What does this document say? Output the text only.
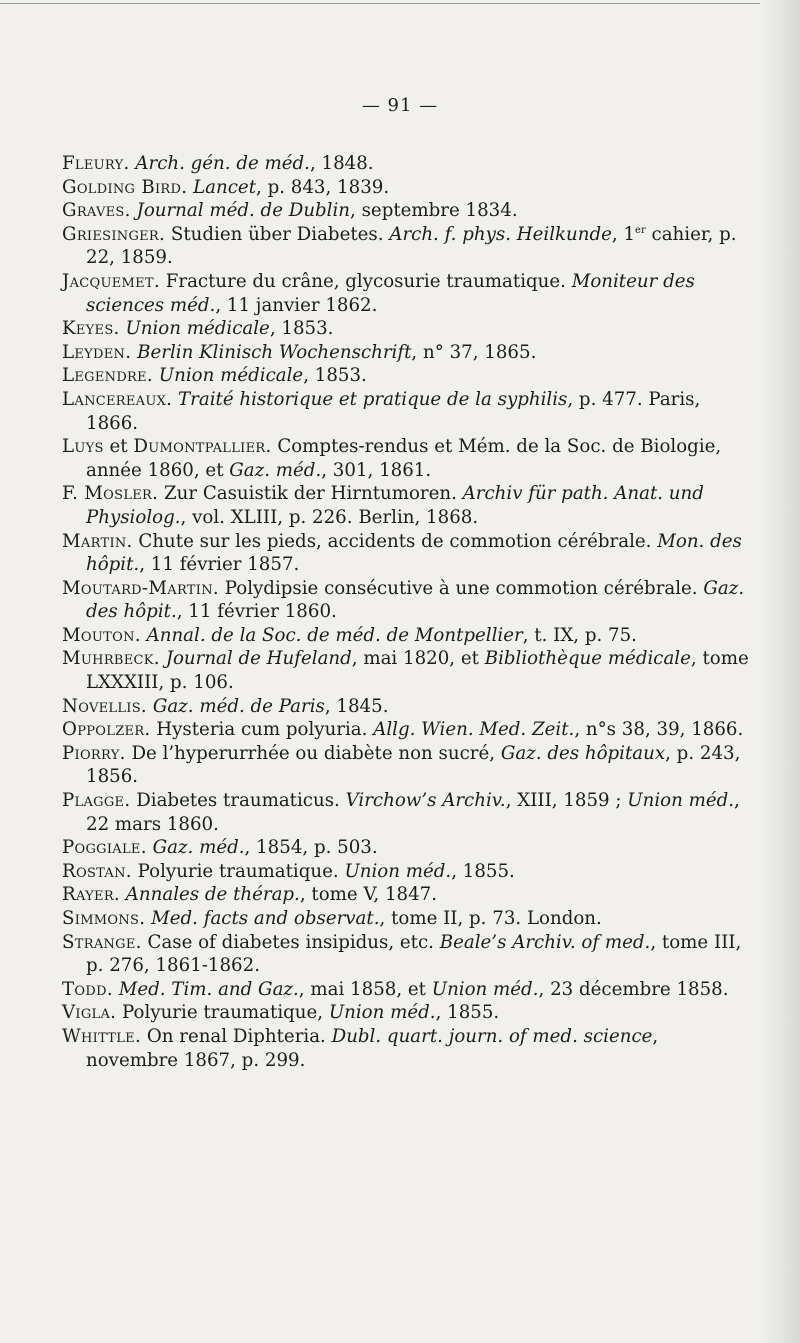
— 91 —

Fleury. Arch. gén. de méd., 1848.

Golding Bird. Lancet, p. 843, 1839.

Graves. Journal méd. de Dublin, septembre 1834.

Griesinger. Studien über Diabetes. Arch. f. phys. Heilkunde, 1er cahier, p. 22, 1859.

Jacquemet. Fracture du crâne, glycosurie traumatique. Moniteur des sciences méd., 11 janvier 1862.

Keyes. Union médicale, 1853.

Leyden. Berlin Klinisch Wochenschrift, n° 37, 1865.

Legendre. Union médicale, 1853.

Lancereaux. Traité historique et pratique de la syphilis, p. 477. Paris, 1866.

Luys et Dumontpallier. Comptes-rendus et Mém. de la Soc. de Biologie, année 1860, et Gaz. méd., 301, 1861.

F. Mosler. Zur Casuistik der Hirntumoren. Archiv für path. Anat. und Physiolog., vol. XLIII, p. 226. Berlin, 1868.

Martin. Chute sur les pieds, accidents de commotion cérébrale. Mon. des hôpit., 11 février 1857.

Moutard-Martin. Polydipsie consécutive à une commotion cérébrale. Gaz. des hôpit., 11 février 1860.

Mouton. Annal. de la Soc. de méd. de Montpellier, t. IX, p. 75.

Muhrbeck. Journal de Hufeland, mai 1820, et Bibliothèque médicale, tome LXXXIII, p. 106.

Novellis. Gaz. méd. de Paris, 1845.

Oppolzer. Hysteria cum polyuria. Allg. Wien. Med. Zeit., n°s 38, 39, 1866.

Piorry. De l’hyperurrhée ou diabète non sucré, Gaz. des hôpitaux, p. 243, 1856.

Plagge. Diabetes traumaticus. Virchow’s Archiv., XIII, 1859 ; Union méd., 22 mars 1860.

Poggiale. Gaz. méd., 1854, p. 503.

Rostan. Polyurie traumatique. Union méd., 1855.

Rayer. Annales de thérap., tome V, 1847.

Simmons. Med. facts and observat., tome II, p. 73. London.

Strange. Case of diabetes insipidus, etc. Beale’s Archiv. of med., tome III, p. 276, 1861-1862.

Todd. Med. Tim. and Gaz., mai 1858, et Union méd., 23 décembre 1858.

Vigla. Polyurie traumatique, Union méd., 1855.

Whittle. On renal Diphteria. Dubl. quart. journ. of med. science, novembre 1867, p. 299.
